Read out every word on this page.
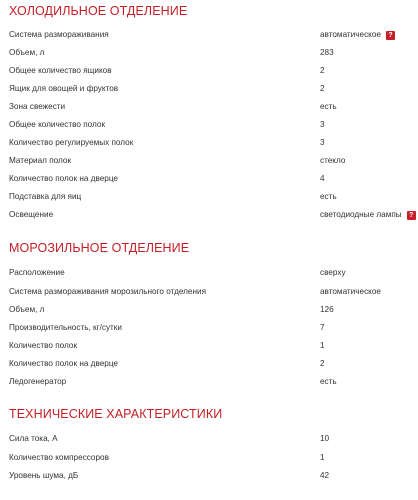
ХОЛОДИЛЬНОЕ ОТДЕЛЕНИЕ
Система размораживания	автоматическое ?
Объем, л	283
Общее количество ящиков	2
Ящик для овощей и фруктов	2
Зона свежести	есть
Общее количество полок	3
Количество регулируемых полок	3
Материал полок	стекло
Количество полок на дверце	4
Подставка для яиц	есть
Освещение	светодиодные лампы ?
МОРОЗИЛЬНОЕ ОТДЕЛЕНИЕ
Расположение	сверху
Система размораживания морозильного отделения	автоматическое
Объем, л	126
Производительность, кг/сутки	7
Количество полок	1
Количество полок на дверце	2
Ледогенератор	есть
ТЕХНИЧЕСКИЕ ХАРАКТЕРИСТИКИ
Сила тока, А	10
Количество компрессоров	1
Уровень шума, дБ	42
